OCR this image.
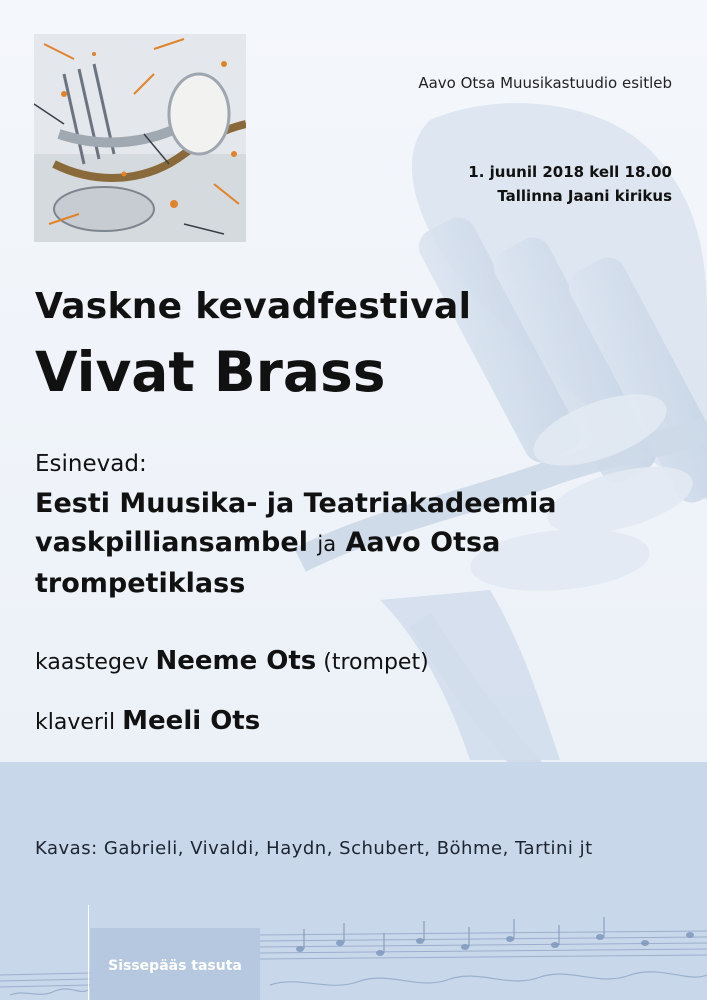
Aavo Otsa Muusikastuudio esitleb
1. juunil 2018 kell 18.00
Tallinna Jaani kirikus
Vaskne kevadfestival
Vivat Brass
Esinevad:
Eesti Muusika- ja Teatriakadeemia vaskpilliansambel ja Aavo Otsa trompetiklass
kaastegev Neeme Ots (trompet)
klaveril Meeli Ots
Kavas: Gabrieli, Vivaldi, Haydn, Schubert, Böhme, Tartini jt
Sissepääs tasuta
